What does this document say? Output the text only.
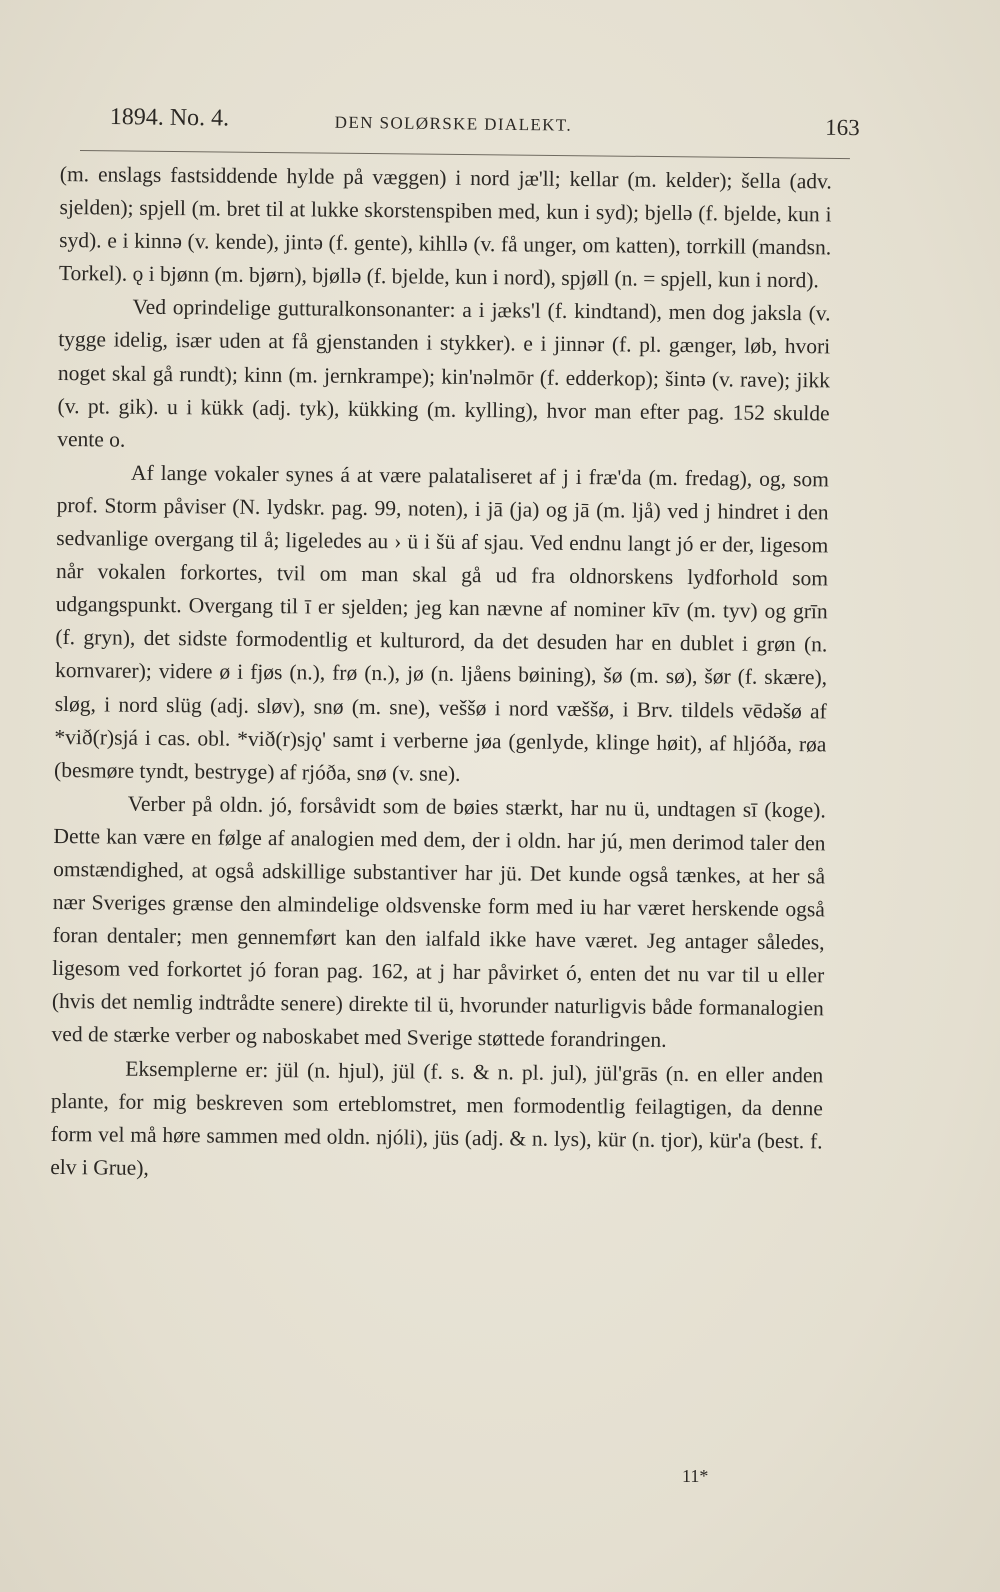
1894. No. 4.	DEN SOLØRSKE DIALEKT.	163

(m. enslags fastsiddende hylde på væggen) i nord jæ'll; kellar (m. kelder); šella (adv. sjelden); spjell (m. bret til at lukke skorstenspiben med, kun i syd); bjellə (f. bjelde, kun i syd). e i kinnə (v. kende), jintə (f. gente), kihllə (v. få unger, om katten), torrkill (mandsn. Torkel). ǫ i bjønn (m. bjørn), bjøllə (f. bjelde, kun i nord), spjøll (n. = spjell, kun i nord).

Ved oprindelige gutturalkonsonanter: a i jæks'l (f. kindtand), men dog jaksla (v. tygge idelig, især uden at få gjenstanden i stykker). e i jinnər (f. pl. gænger, løb, hvori noget skal gå rundt); kinn (m. jernkrampe); kin'nəlmōr (f. edderkop); šintə (v. rave); jikk (v. pt. gik). u i kükk (adj. tyk), kükking (m. kylling), hvor man efter pag. 152 skulde vente o.

Af lange vokaler synes á at være palataliseret af j i fræ'da (m. fredag), og, som prof. Storm påviser (N. lydskr. pag. 99, noten), i jā (ja) og jā (m. ljå) ved j hindret i den sedvanlige overgang til å; ligeledes au › ü i šü af sjau. Ved endnu langt jó er der, ligesom når vokalen forkortes, tvil om man skal gå ud fra oldnorskens lydforhold som udgangspunkt. Overgang til ī er sjelden; jeg kan nævne af nominer kīv (m. tyv) og grīn (f. gryn), det sidste formodentlig et kulturord, da det desuden har en dublet i grøn (n. kornvarer); videre ø i fjøs (n.), frø (n.), jø (n. ljåens bøining), šø (m. sø), šør (f. skære), sløg, i nord slüg (adj. sløv), snø (m. sne), veššø i nord væššø, i Brv. tildels vēdəšø af *við(r)sjá i cas. obl. *við(r)sjǫ' samt i verberne jøa (genlyde, klinge høit), af hljóða, røa (besmøre tyndt, bestryge) af rjóða, snø (v. sne).

Verber på oldn. jó, forsåvidt som de bøies stærkt, har nu ü, undtagen sī (koge). Dette kan være en følge af analogien med dem, der i oldn. har jú, men derimod taler den omstændighed, at også adskillige substantiver har jü. Det kunde også tænkes, at her så nær Sveriges grænse den almindelige oldsvenske form med iu har været herskende også foran dentaler; men gennemført kan den ialfald ikke have været. Jeg antager således, ligesom ved forkortet jó foran pag. 162, at j har påvirket ó, enten det nu var til u eller (hvis det nemlig indtrådte senere) direkte til ü, hvorunder naturligvis både formanalogien ved de stærke verber og naboskabet med Sverige støttede forandringen.

Eksemplerne er: jül (n. hjul), jül (f. s. & n. pl. jul), jül'grās (n. en eller anden plante, for mig beskreven som erteblomstret, men formodentlig feilagtigen, da denne form vel må høre sammen med oldn. njóli), jüs (adj. & n. lys), kür (n. tjor), kür'a (best. f. elv i Grue),

11*
